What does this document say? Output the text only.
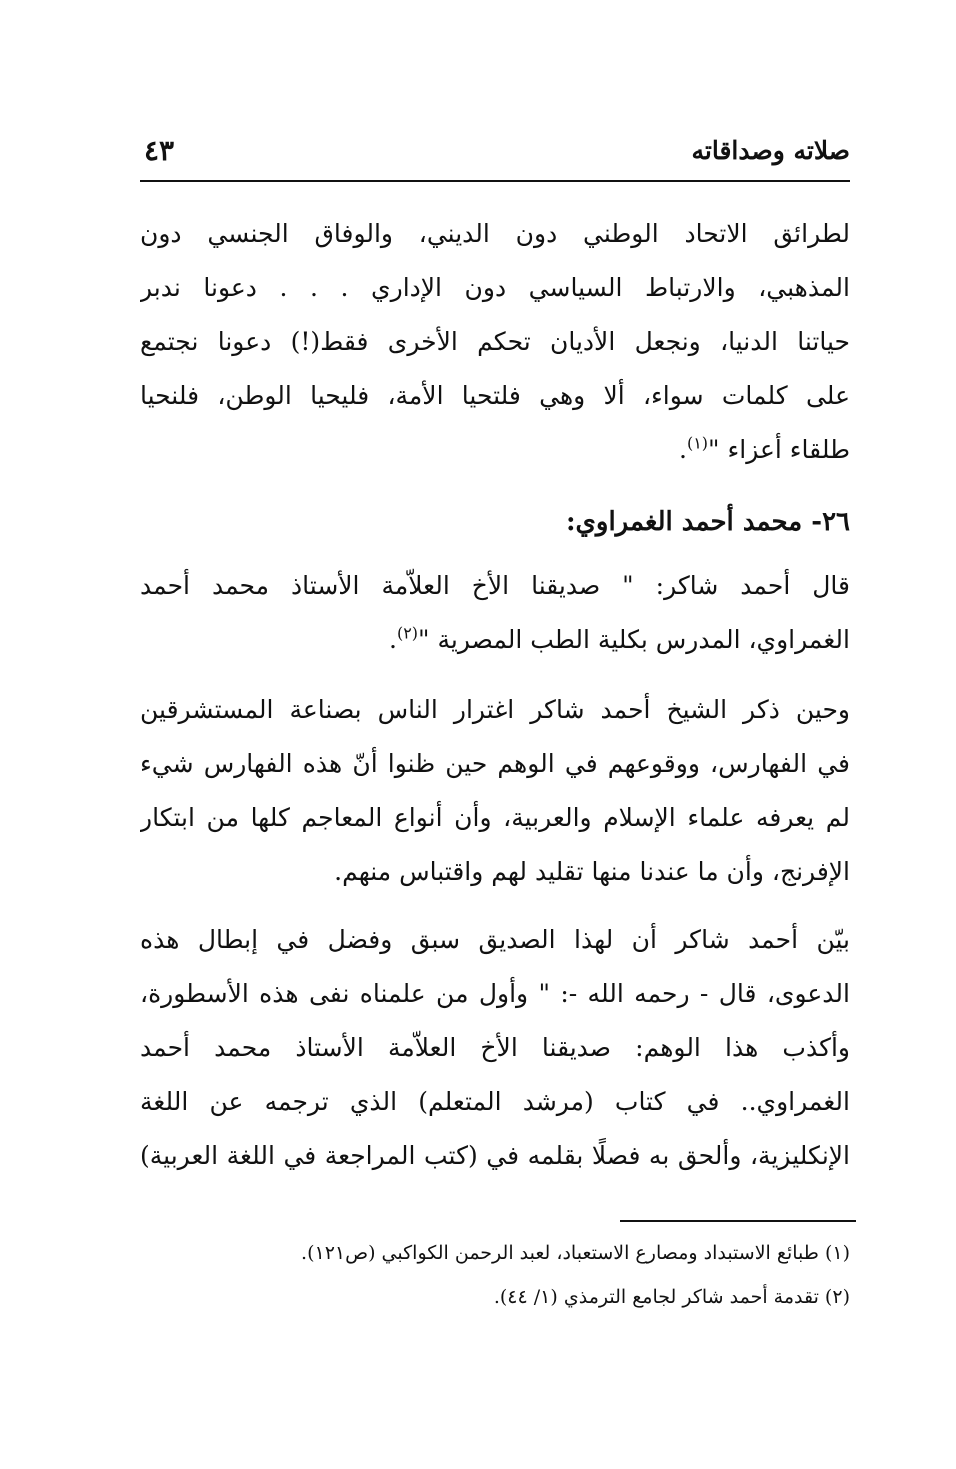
صلاته وصداقاته
٤٣
لطرائق الاتحاد الوطني دون الديني، والوفاق الجنسي دون
المذهبي، والارتباط السياسي دون الإداري . . . دعونا ندبر
حياتنا الدنيا، ونجعل الأديان تحكم الأخرى فقط(!) دعونا نجتمع
على كلمات سواء، ألا وهي فلتحيا الأمة، فليحيا الوطن، فلنحيا
طلقاء أعزاء "$^{(١)}$.
٢٦- محمد أحمد الغمراوي:
قال أحمد شاكر: " صديقنا الأخ العلاّمة الأستاذ محمد أحمد
الغمراوي، المدرس بكلية الطب المصرية "$^{(٢)}$.
وحين ذكر الشيخ أحمد شاكر اغترار الناس بصناعة المستشرقين
في الفهارس، ووقوعهم في الوهم حين ظنوا أنّ هذه الفهارس شيء
لم يعرفه علماء الإسلام والعربية، وأن أنواع المعاجم كلها من ابتكار
الإفرنج، وأن ما عندنا منها تقليد لهم واقتباس منهم.
بيّن أحمد شاكر أن لهذا الصديق سبق وفضل في إبطال هذه
الدعوى، قال - رحمه الله -: " وأول من علمناه نفى هذه الأسطورة،
وأكذب هذا الوهم: صديقنا الأخ العلاّمة الأستاذ محمد أحمد
الغمراوي.. في كتاب (مرشد المتعلم) الذي ترجمه عن اللغة
الإنكليزية، وألحق به فصلًا بقلمه في (كتب المراجعة في اللغة العربية)
(١) طبائع الاستبداد ومصارع الاستعباد، لعبد الرحمن الكواكبي (ص١٢١).
(٢) تقدمة أحمد شاكر لجامع الترمذي (١/ ٤٤).
